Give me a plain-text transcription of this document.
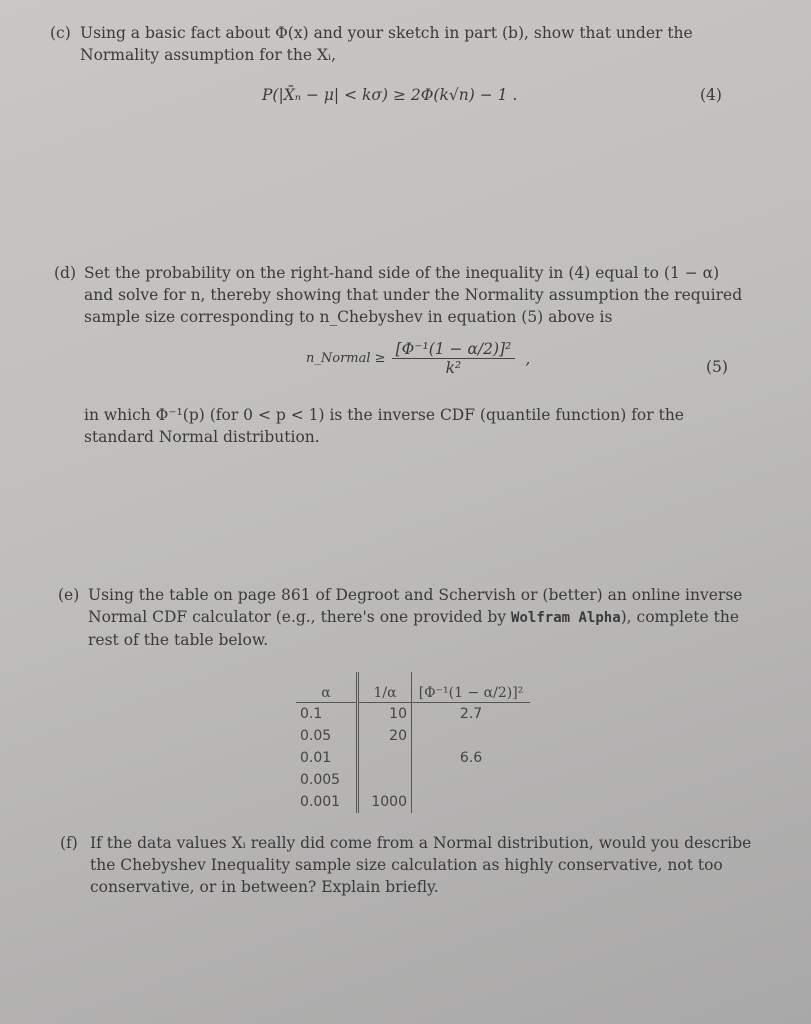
(c) Using a basic fact about Φ(x) and your sketch in part (b), show that under the
Normality assumption for the Xᵢ,
P(|X̄ₙ − μ| < kσ) ≥ 2Φ(k√n) − 1 .	(4)
(d) Set the probability on the right-hand side of the inequality in (4) equal to (1 − α)
and solve for n, thereby showing that under the Normality assumption the required
sample size corresponding to n_Chebyshev in equation (5) above is
n_Normal ≥ $\frac{\text{[Φ⁻¹(1 − α/2)]²}}{\text{k²}}$ ,	(5)
in which Φ⁻¹(p) (for 0 < p < 1) is the inverse CDF (quantile function) for the
standard Normal distribution.
(e) Using the table on page 861 of Degroot and Schervish or (better) an online inverse
Normal CDF calculator (e.g., there's one provided by Wolfram Alpha), complete the
rest of the table below.
α	1/α	[Φ⁻¹(1 − α/2)]²
0.1	10	2.7
0.05	20	
0.01		6.6
0.005		
0.001	1000	
(f) If the data values Xᵢ really did come from a Normal distribution, would you describe
the Chebyshev Inequality sample size calculation as highly conservative, not too
conservative, or in between? Explain briefly.
